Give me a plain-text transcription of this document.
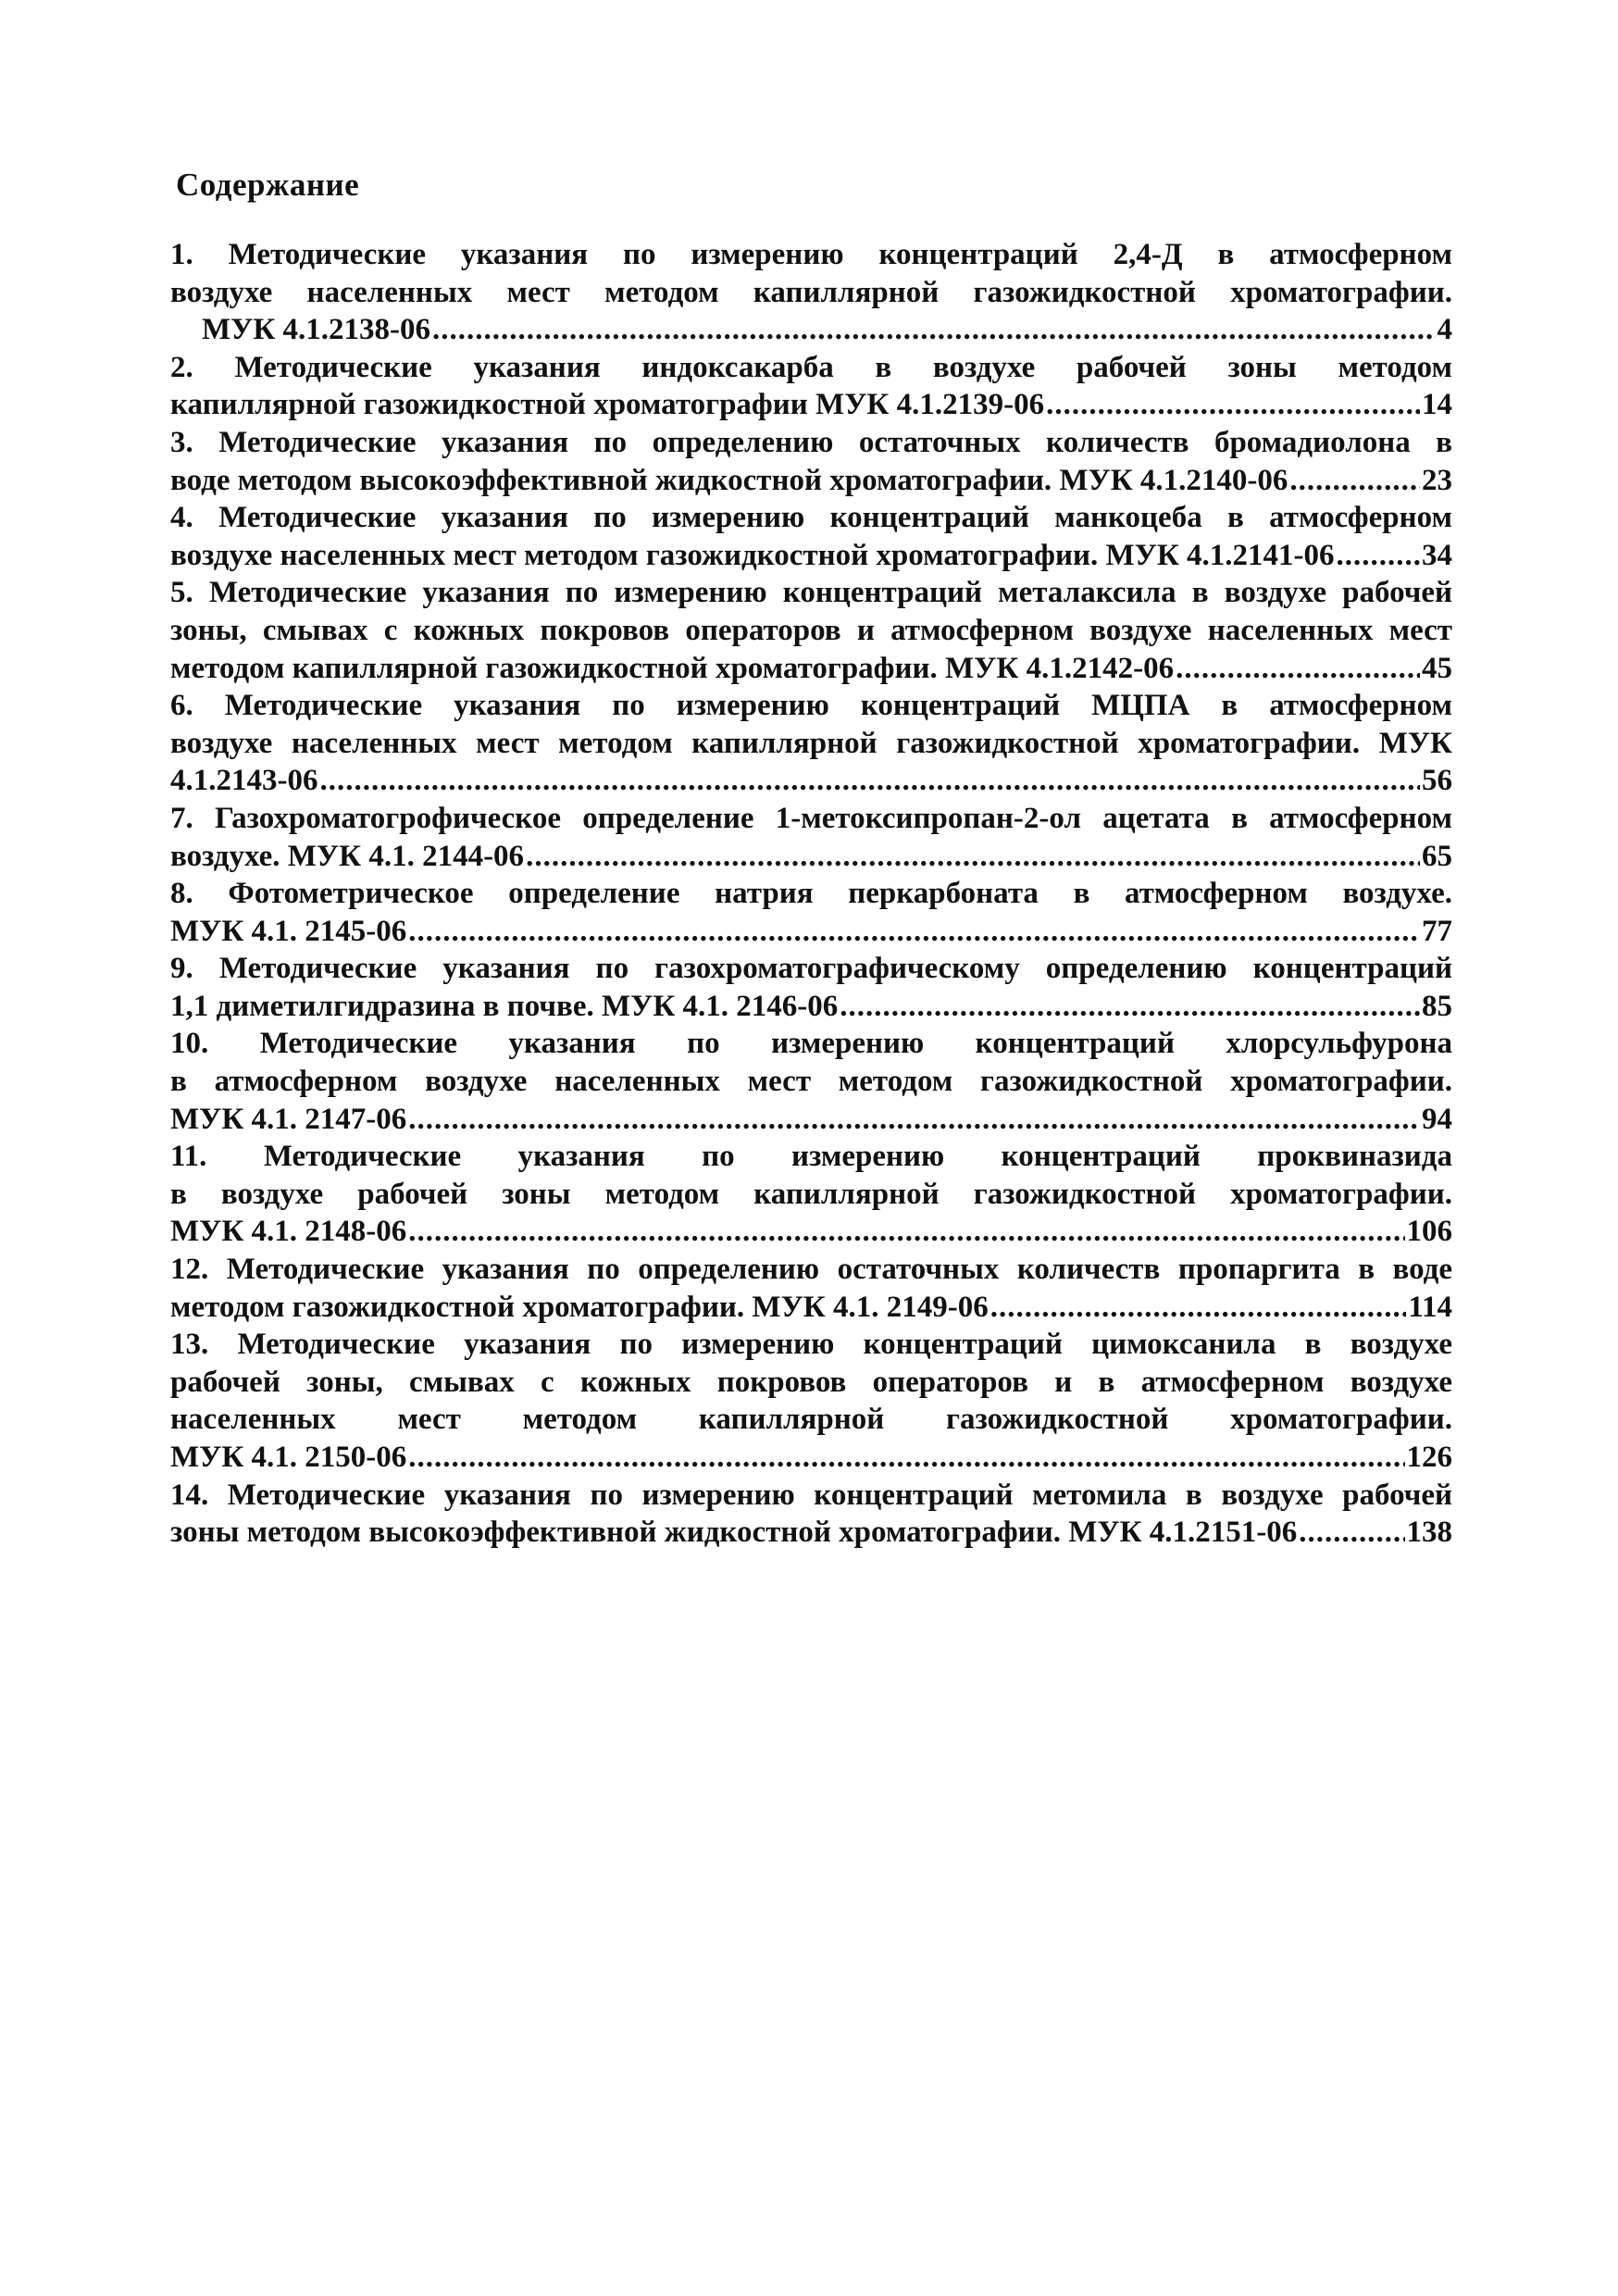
Содержание
1. Методические указания по измерению концентраций 2,4-Д в атмосферном
воздухе населенных мест методом капиллярной газожидкостной хроматографии.
МУК 4.1.2138-06 .....	4
2. Методические указания индоксакарба в воздухе рабочей зоны методом
капиллярной газожидкостной хроматографии МУК 4.1.2139-06 .....	14
3. Методические указания по определению остаточных количеств бромадиолона в
воде методом высокоэффективной жидкостной хроматографии. МУК 4.1.2140-06 .....	23
4. Методические указания по измерению концентраций манкоцеба в атмосферном
воздухе населенных мест методом газожидкостной хроматографии. МУК 4.1.2141-06 .....	34
5. Методические указания по измерению концентраций металаксила в воздухе рабочей
зоны, смывах с кожных покровов операторов и атмосферном воздухе населенных мест
методом капиллярной газожидкостной хроматографии. МУК 4.1.2142-06 .....	45
6. Методические указания по измерению концентраций МЦПА в атмосферном
воздухе населенных мест методом капиллярной газожидкостной хроматографии. МУК
4.1.2143-06 .....	56
7. Газохроматогрофическое определение 1-метоксипропан-2-ол ацетата в атмосферном
воздухе. МУК 4.1. 2144-06 .....	65
8. Фотометрическое определение натрия перкарбоната в атмосферном воздухе.
МУК 4.1. 2145-06 .....	77
9. Методические указания по газохроматографическому определению концентраций
1,1 диметилгидразина в почве. МУК 4.1. 2146-06 .....	85
10. Методические указания по измерению концентраций хлорсульфурона
в атмосферном воздухе населенных мест методом газожидкостной хроматографии.
МУК 4.1. 2147-06 .....	94
11. Методические указания по измерению концентраций проквиназида
в воздухе рабочей зоны методом капиллярной газожидкостной хроматографии.
МУК 4.1. 2148-06 .....	106
12. Методические указания по определению остаточных количеств пропаргита в воде
методом газожидкостной хроматографии. МУК 4.1. 2149-06 .....	114
13. Методические указания по измерению концентраций цимоксанила в воздухе
рабочей зоны, смывах с кожных покровов операторов и в атмосферном воздухе
населенных мест методом капиллярной газожидкостной хроматографии.
МУК 4.1. 2150-06 .....	126
14. Методические указания по измерению концентраций метомила в воздухе рабочей
зоны методом высокоэффективной жидкостной хроматографии. МУК 4.1.2151-06 .....	138
